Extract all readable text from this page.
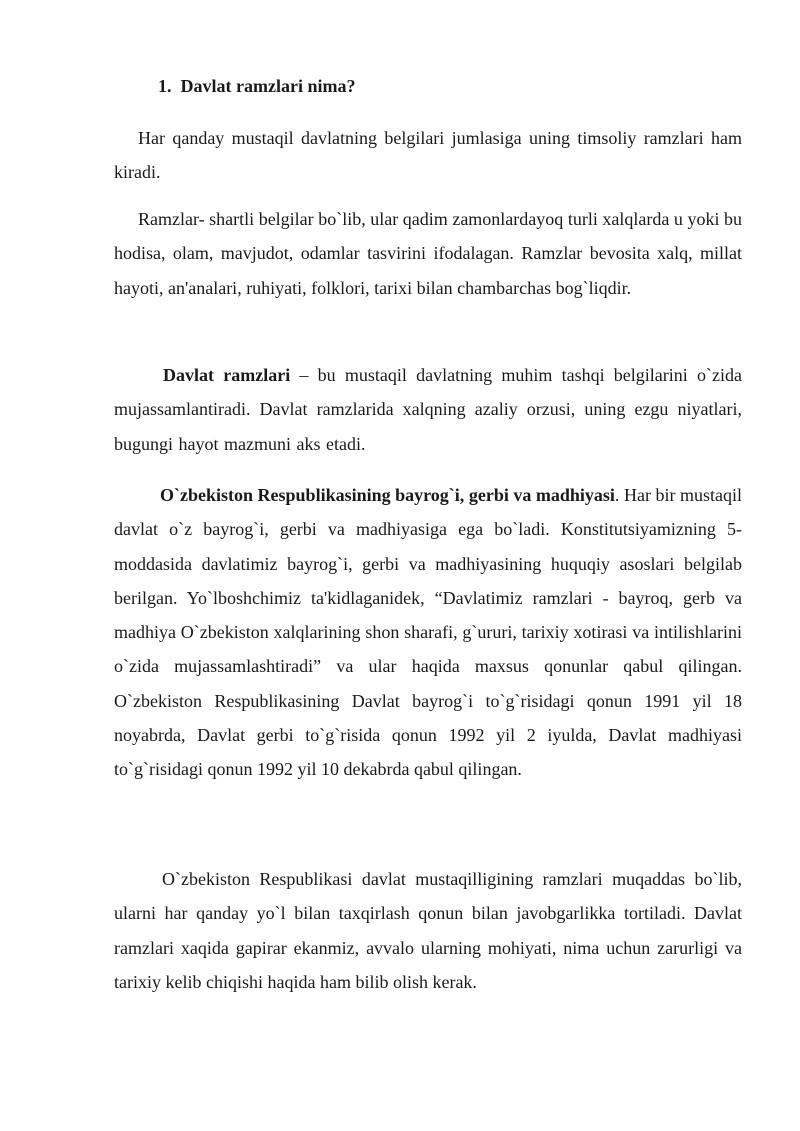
1. Davlat ramzlari nima?

Har qanday mustaqil davlatning belgilari jumlasiga uning timsoliy ramzlari ham kiradi.

Ramzlar- shartli belgilar bo`lib, ular qadim zamonlardayoq turli xalqlarda u yoki bu hodisa, olam, mavjudot, odamlar tasvirini ifodalagan. Ramzlar bevosita xalq, millat hayoti, an'analari, ruhiyati, folklori, tarixi bilan chambarchas bog`liqdir.

Davlat ramzlari – bu mustaqil davlatning muhim tashqi belgilarini o`zida mujassamlantiradi. Davlat ramzlarida xalqning azaliy orzusi, uning ezgu niyatlari, bugungi hayot mazmuni aks etadi.

O`zbekiston Respublikasining bayrog`i, gerbi va madhiyasi. Har bir mustaqil davlat o`z bayrog`i, gerbi va madhiyasiga ega bo`ladi. Konstitutsiyamizning 5-moddasida davlatimiz bayrog`i, gerbi va madhiyasining huquqiy asoslari belgilab berilgan. Yo`lboshchimiz ta'kidlaganidek, “Davlatimiz ramzlari - bayroq, gerb va madhiya O`zbekiston xalqlarining shon sharafi, g`ururi, tarixiy xotirasi va intilishlarini o`zida mujassamlashtiradi” va ular haqida maxsus qonunlar qabul qilingan. O`zbekiston Respublikasining Davlat bayrog`i to`g`risidagi qonun 1991 yil 18 noyabrda, Davlat gerbi to`g`risida qonun 1992 yil 2 iyulda, Davlat madhiyasi to`g`risidagi qonun 1992 yil 10 dekabrda qabul qilingan.

O`zbekiston Respublikasi davlat mustaqilligining ramzlari muqaddas bo`lib, ularni har qanday yo`l bilan taxqirlash qonun bilan javobgarlikka tortiladi. Davlat ramzlari xaqida gapirar ekanmiz, avvalo ularning mohiyati, nima uchun zarurligi va tarixiy kelib chiqishi haqida ham bilib olish kerak.
